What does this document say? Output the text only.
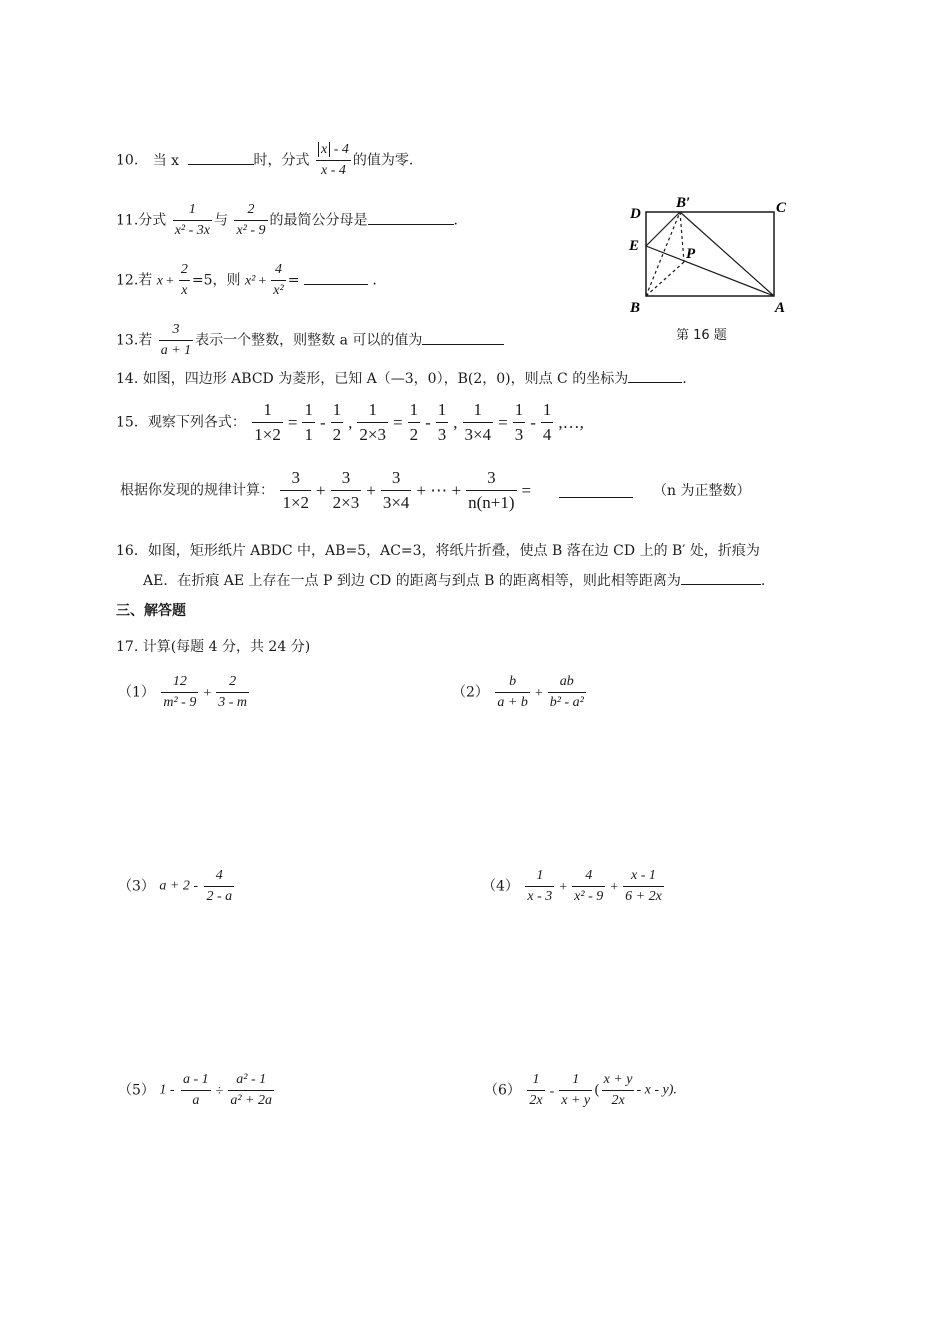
10. 当 x	时，分式 $\frac{x - 4}{x - 4}$ 的值为零.
11.分式 $\frac{1}{\text{x² - 3x}}$ 与 $\frac{2}{\text{x² - 9}}$ 的最简公分母是	.
12.若 $x + \frac{2}{x} =5$，则 $x^2 + \frac{4}{\text{x²}}$ =	.
13.若 $\frac{3}{a + 1}$ 表示一个整数，则整数 a 可以的值为
14. 如图，四边形 ABCD 为菱形，已知 A（—3，0），B(2，0)，则点 C 的坐标为	.
15．观察下列各式： $\frac{1}{1\times 2} = \frac{1}{1} - \frac{1}{2}$ , $\frac{1}{2\times 3} = \frac{1}{2} - \frac{1}{3}$ , $\frac{1}{3\times 4} = \frac{1}{3} - \frac{1}{4}$ ,…,
根据你发现的规律计算： $\frac{3}{1\times 2} + \frac{3}{2\times 3} + \frac{3}{3\times 4}$ + ⋯ + $\frac{3}{n(n+1)}$ =	（n 为正整数）
D
B′	C
E	P
B	A
第 16 题
16．如图，矩形纸片 ABDC 中，AB=5，AC=3，将纸片折叠，使点 B 落在边 CD 上的 B′ 处，折痕为
AE．在折痕 AE 上存在一点 P 到边 CD 的距离与到点 B 的距离相等，则此相等距离为	.
三、解答题
17. 计算(每题 4 分，共 24 分)
$(1) \frac{12}{\text{m² - 9}} + \frac{2}{3 - m}$	$(2) \frac{b}{a + b} + \frac{ab}{\text{b² - a²}}$
（3） $a + 2 - \frac{4}{2 - a}$	$(4) \frac{1}{x - 3} + \frac{4}{\text{x² - 9}} + \frac{x - 1}{6 + 2x}$
（5） $1 - \frac{a - 1}{a} \div \frac{\text{a² - 1}}{\text{a² + 2a}}$	$(6) \frac{1}{2x} - \frac{1}{x + y}$ ( $\frac{x + y}{2x}$ - x - y).
